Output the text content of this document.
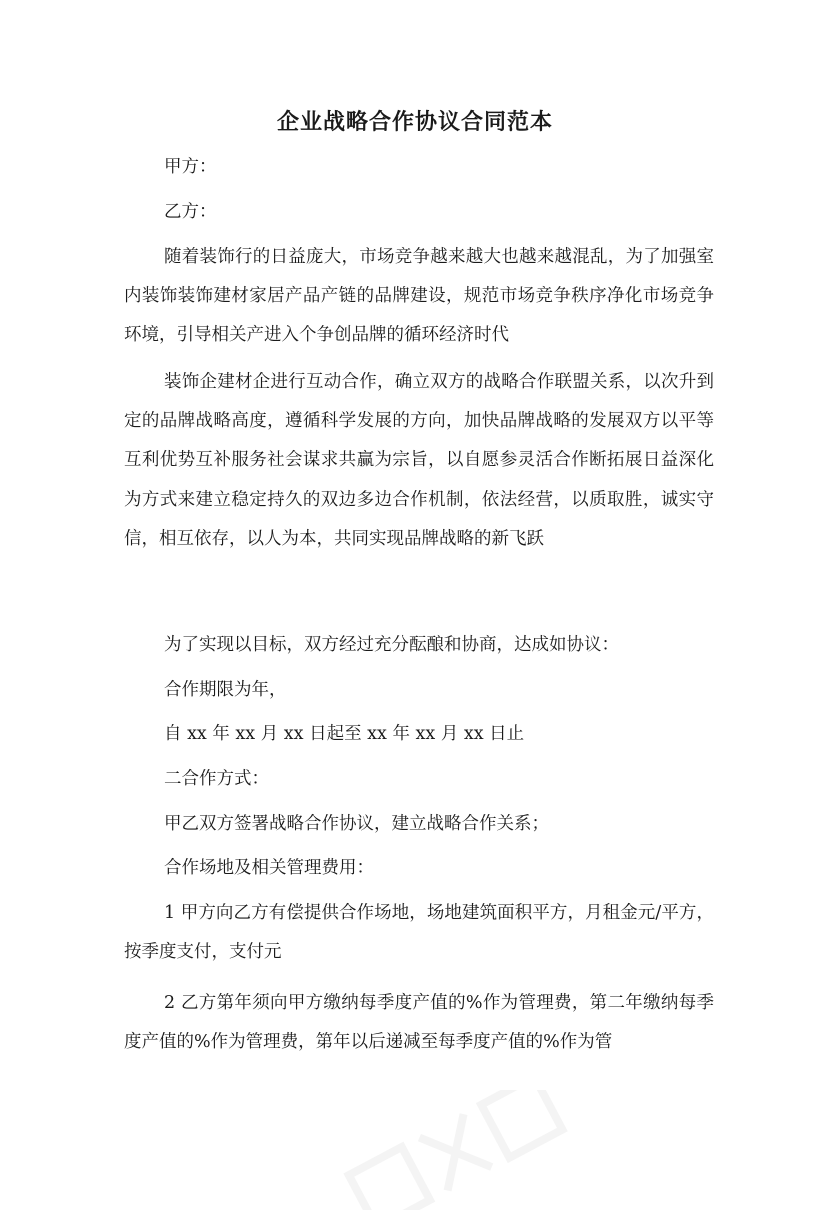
企业战略合作协议合同范本

甲方：

乙方：

随着装饰行的日益庞大，市场竞争越来越大也越来越混乱，为了加强室内装饰装饰建材家居产品产链的品牌建设，规范市场竞争秩序净化市场竞争环境，引导相关产进入个争创品牌的循环经济时代

装饰企建材企进行互动合作，确立双方的战略合作联盟关系，以次升到定的品牌战略高度，遵循科学发展的方向，加快品牌战略的发展双方以平等互利优势互补服务社会谋求共赢为宗旨，以自愿参灵活合作断拓展日益深化为方式来建立稳定持久的双边多边合作机制，依法经营，以质取胜，诚实守信，相互依存，以人为本，共同实现品牌战略的新飞跃

为了实现以目标，双方经过充分酝酿和协商，达成如协议：

合作期限为年，

自 xx 年 xx 月 xx 日起至 xx 年 xx 月 xx 日止

二合作方式：

甲乙双方签署战略合作协议，建立战略合作关系；

合作场地及相关管理费用：

1 甲方向乙方有偿提供合作场地，场地建筑面积平方，月租金元/平方，按季度支付，支付元

2 乙方第年须向甲方缴纳每季度产值的%作为管理费，第二年缴纳每季度产值的%作为管理费，第年以后递减至每季度产值的%作为管
